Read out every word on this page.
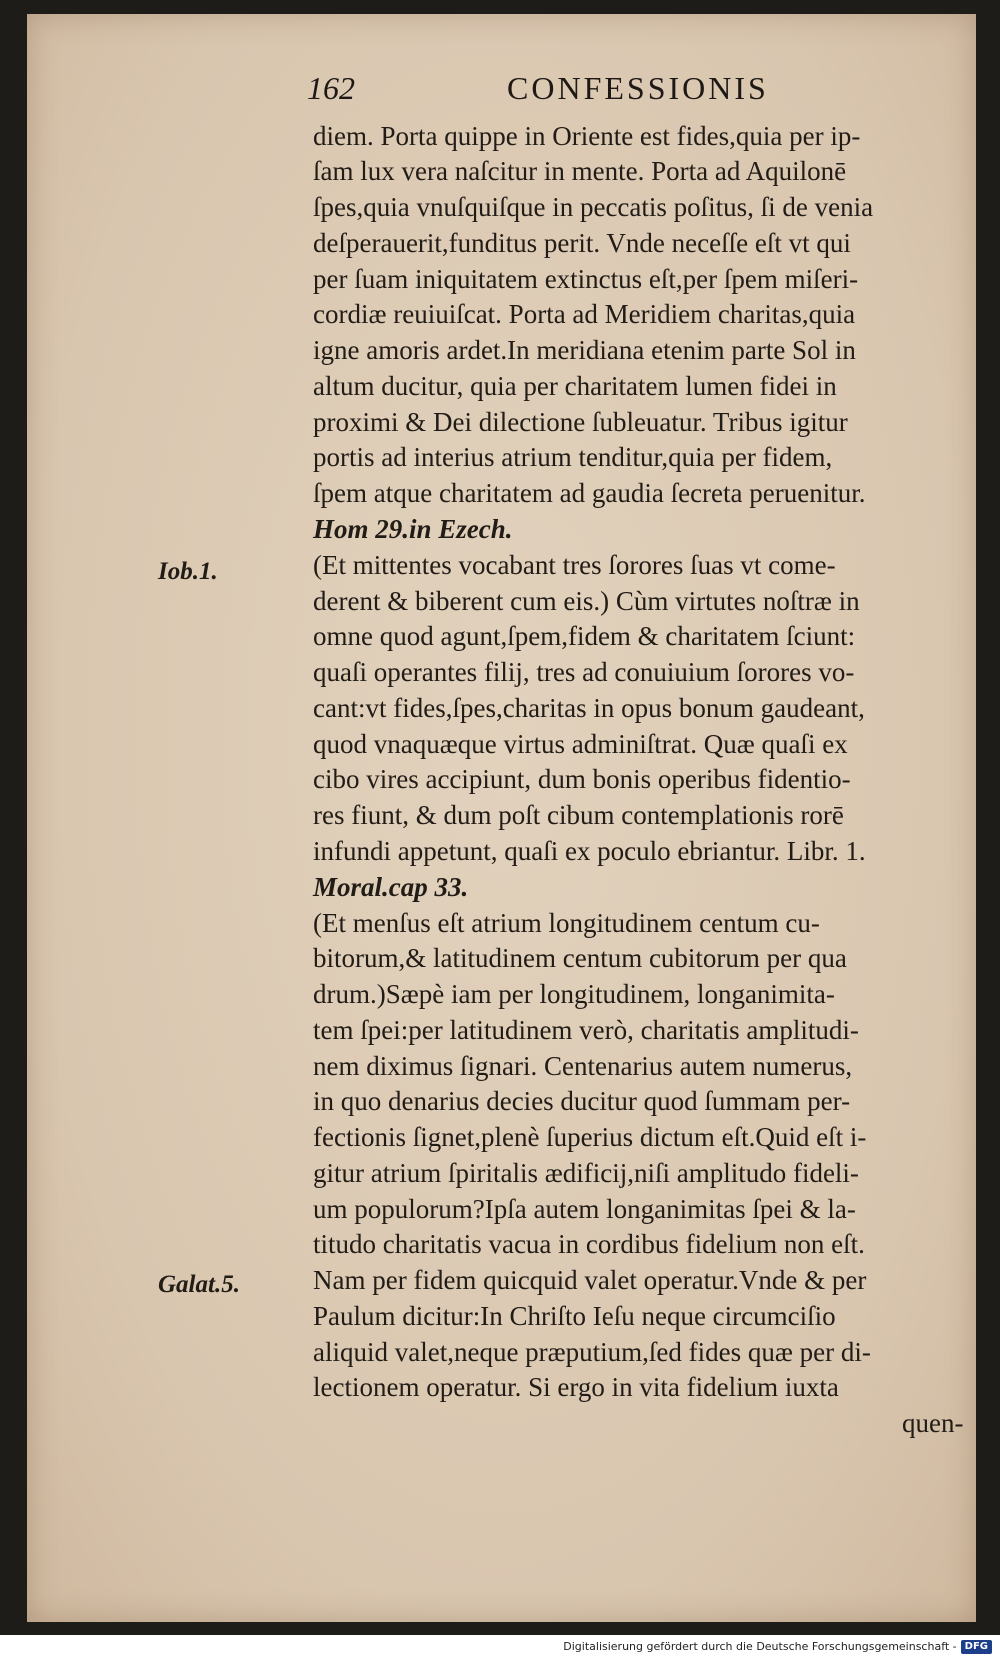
162	CONFESSIONIS
Iob.1.
Galat.5.
diem. Porta quippe in Oriente est fides,quia per ip-
ſam lux vera naſcitur in mente. Porta ad Aquilonē
ſpes,quia vnuſquiſque in peccatis poſitus, ſi de venia
deſperauerit,funditus perit. Vnde neceſſe eſt vt qui
per ſuam iniquitatem extinctus eſt,per ſpem miſeri-
cordiæ reuiuiſcat. Porta ad Meridiem charitas,quia
igne amoris ardet.In meridiana etenim parte Sol in
altum ducitur, quia per charitatem lumen fidei in
proximi & Dei dilectione ſubleuatur. Tribus igitur
portis ad interius atrium tenditur,quia per fidem,
ſpem atque charitatem ad gaudia ſecreta peruenitur.
Hom 29.in Ezech.
(Et mittentes vocabant tres ſorores ſuas vt come-
derent & biberent cum eis.) Cùm virtutes noſtræ in
omne quod agunt,ſpem,fidem & charitatem ſciunt:
quaſi operantes filij, tres ad conuiuium ſorores vo-
cant:vt fides,ſpes,charitas in opus bonum gaudeant,
quod vnaquæque virtus adminiſtrat. Quæ quaſi ex
cibo vires accipiunt, dum bonis operibus fidentio-
res fiunt, & dum poſt cibum contemplationis rorē
infundi appetunt, quaſi ex poculo ebriantur. Libr. 1.
Moral.cap 33.
(Et menſus eſt atrium longitudinem centum cu-
bitorum,& latitudinem centum cubitorum per qua
drum.)Sæpè iam per longitudinem, longanimita-
tem ſpei:per latitudinem verò, charitatis amplitudi-
nem diximus ſignari. Centenarius autem numerus,
in quo denarius decies ducitur quod ſummam per-
fectionis ſignet,plenè ſuperius dictum eſt.Quid eſt i-
gitur atrium ſpiritalis ædificij,niſi amplitudo fideli-
um populorum?Ipſa autem longanimitas ſpei & la-
titudo charitatis vacua in cordibus fidelium non eſt.
Nam per fidem quicquid valet operatur.Vnde & per
Paulum dicitur:In Chriſto Ieſu neque circumciſio
aliquid valet,neque præputium,ſed fides quæ per di-
lectionem operatur. Si ergo in vita fidelium iuxta
quen-
Digitalisierung gefördert durch die Deutsche Forschungsgemeinschaft - DFG
